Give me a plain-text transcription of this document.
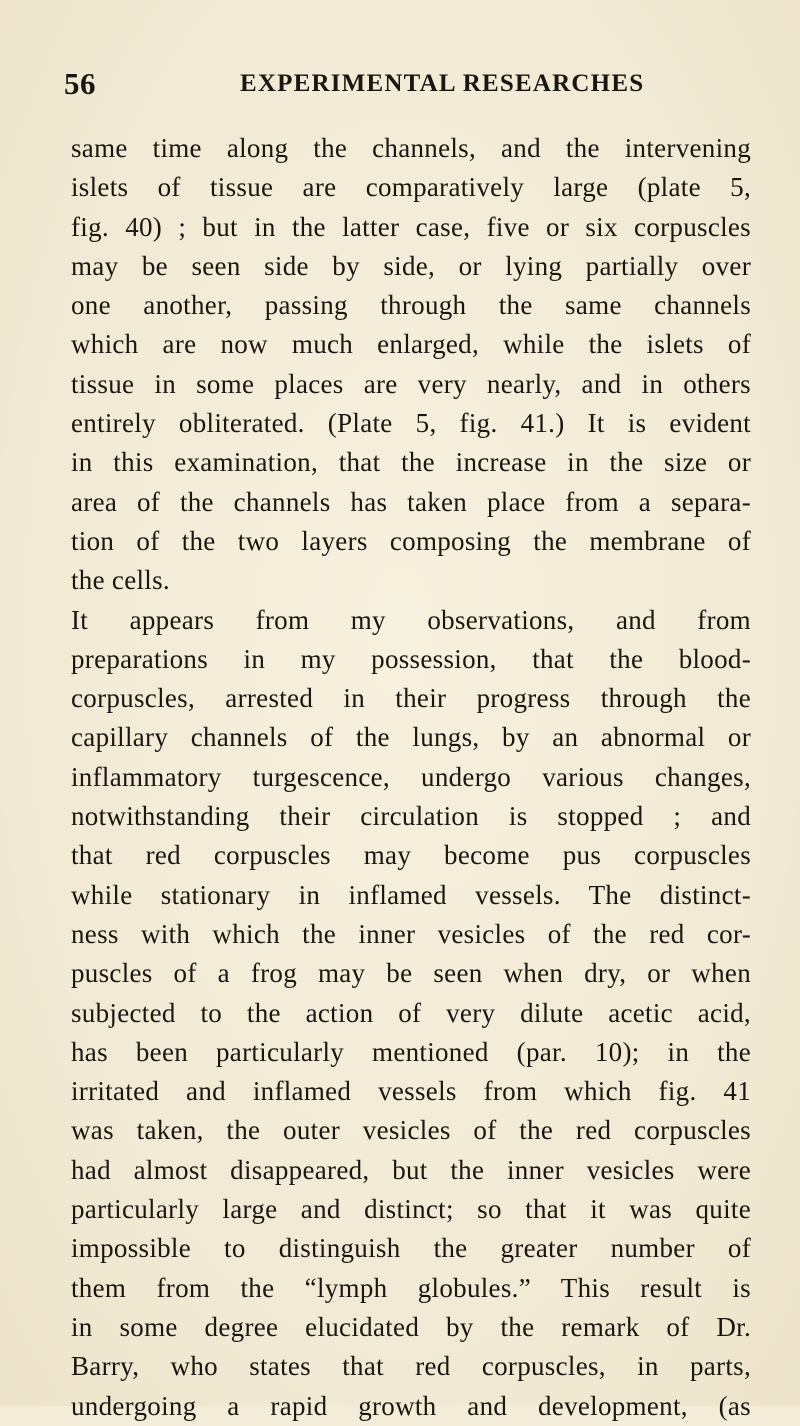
56	EXPERIMENTAL RESEARCHES
same time along the channels, and the intervening
islets of tissue are comparatively large (plate 5,
fig. 40) ; but in the latter case, five or six corpuscles
may be seen side by side, or lying partially over
one another, passing through the same channels
which are now much enlarged, while the islets of
tissue in some places are very nearly, and in others
entirely obliterated. (Plate 5, fig. 41.) It is evident
in this examination, that the increase in the size or
area of the channels has taken place from a separa-
tion of the two layers composing the membrane of
the cells.
It appears from my observations, and from
preparations in my possession, that the blood-
corpuscles, arrested in their progress through the
capillary channels of the lungs, by an abnormal or
inflammatory turgescence, undergo various changes,
notwithstanding their circulation is stopped ; and
that red corpuscles may become pus corpuscles
while stationary in inflamed vessels. The distinct-
ness with which the inner vesicles of the red cor-
puscles of a frog may be seen when dry, or when
subjected to the action of very dilute acetic acid,
has been particularly mentioned (par. 10); in the
irritated and inflamed vessels from which fig. 41
was taken, the outer vesicles of the red corpuscles
had almost disappeared, but the inner vesicles were
particularly large and distinct; so that it was quite
impossible to distinguish the greater number of
them from the “lymph globules.” This result is
in some degree elucidated by the remark of Dr.
Barry, who states that red corpuscles, in parts,
undergoing a rapid growth and development, (as
